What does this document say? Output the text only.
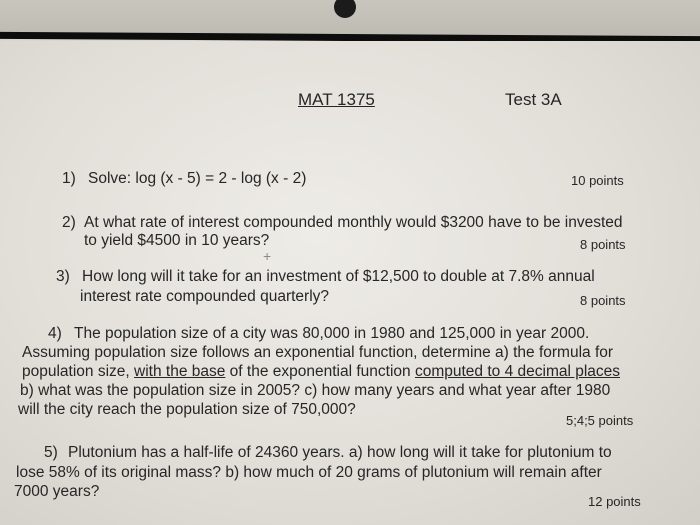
MAT 1375	Test 3A
1) Solve: log (x - 5) = 2 - log (x - 2)	10 points
2) At what rate of interest compounded monthly would $3200 have to be invested
to yield $4500 in 10 years?	8 points
+
3) How long will it take for an investment of $12,500 to double at 7.8% annual
interest rate compounded quarterly?	8 points
4) The population size of a city was 80,000 in 1980 and 125,000 in year 2000.
Assuming population size follows an exponential function, determine a) the formula for
population size, with the base of the exponential function computed to 4 decimal places
b) what was the population size in 2005? c) how many years and what year after 1980
will the city reach the population size of 750,000?
5;4;5 points
5) Plutonium has a half-life of 24360 years. a) how long will it take for plutonium to
lose 58% of its original mass? b) how much of 20 grams of plutonium will remain after
7000 years?
12 points
